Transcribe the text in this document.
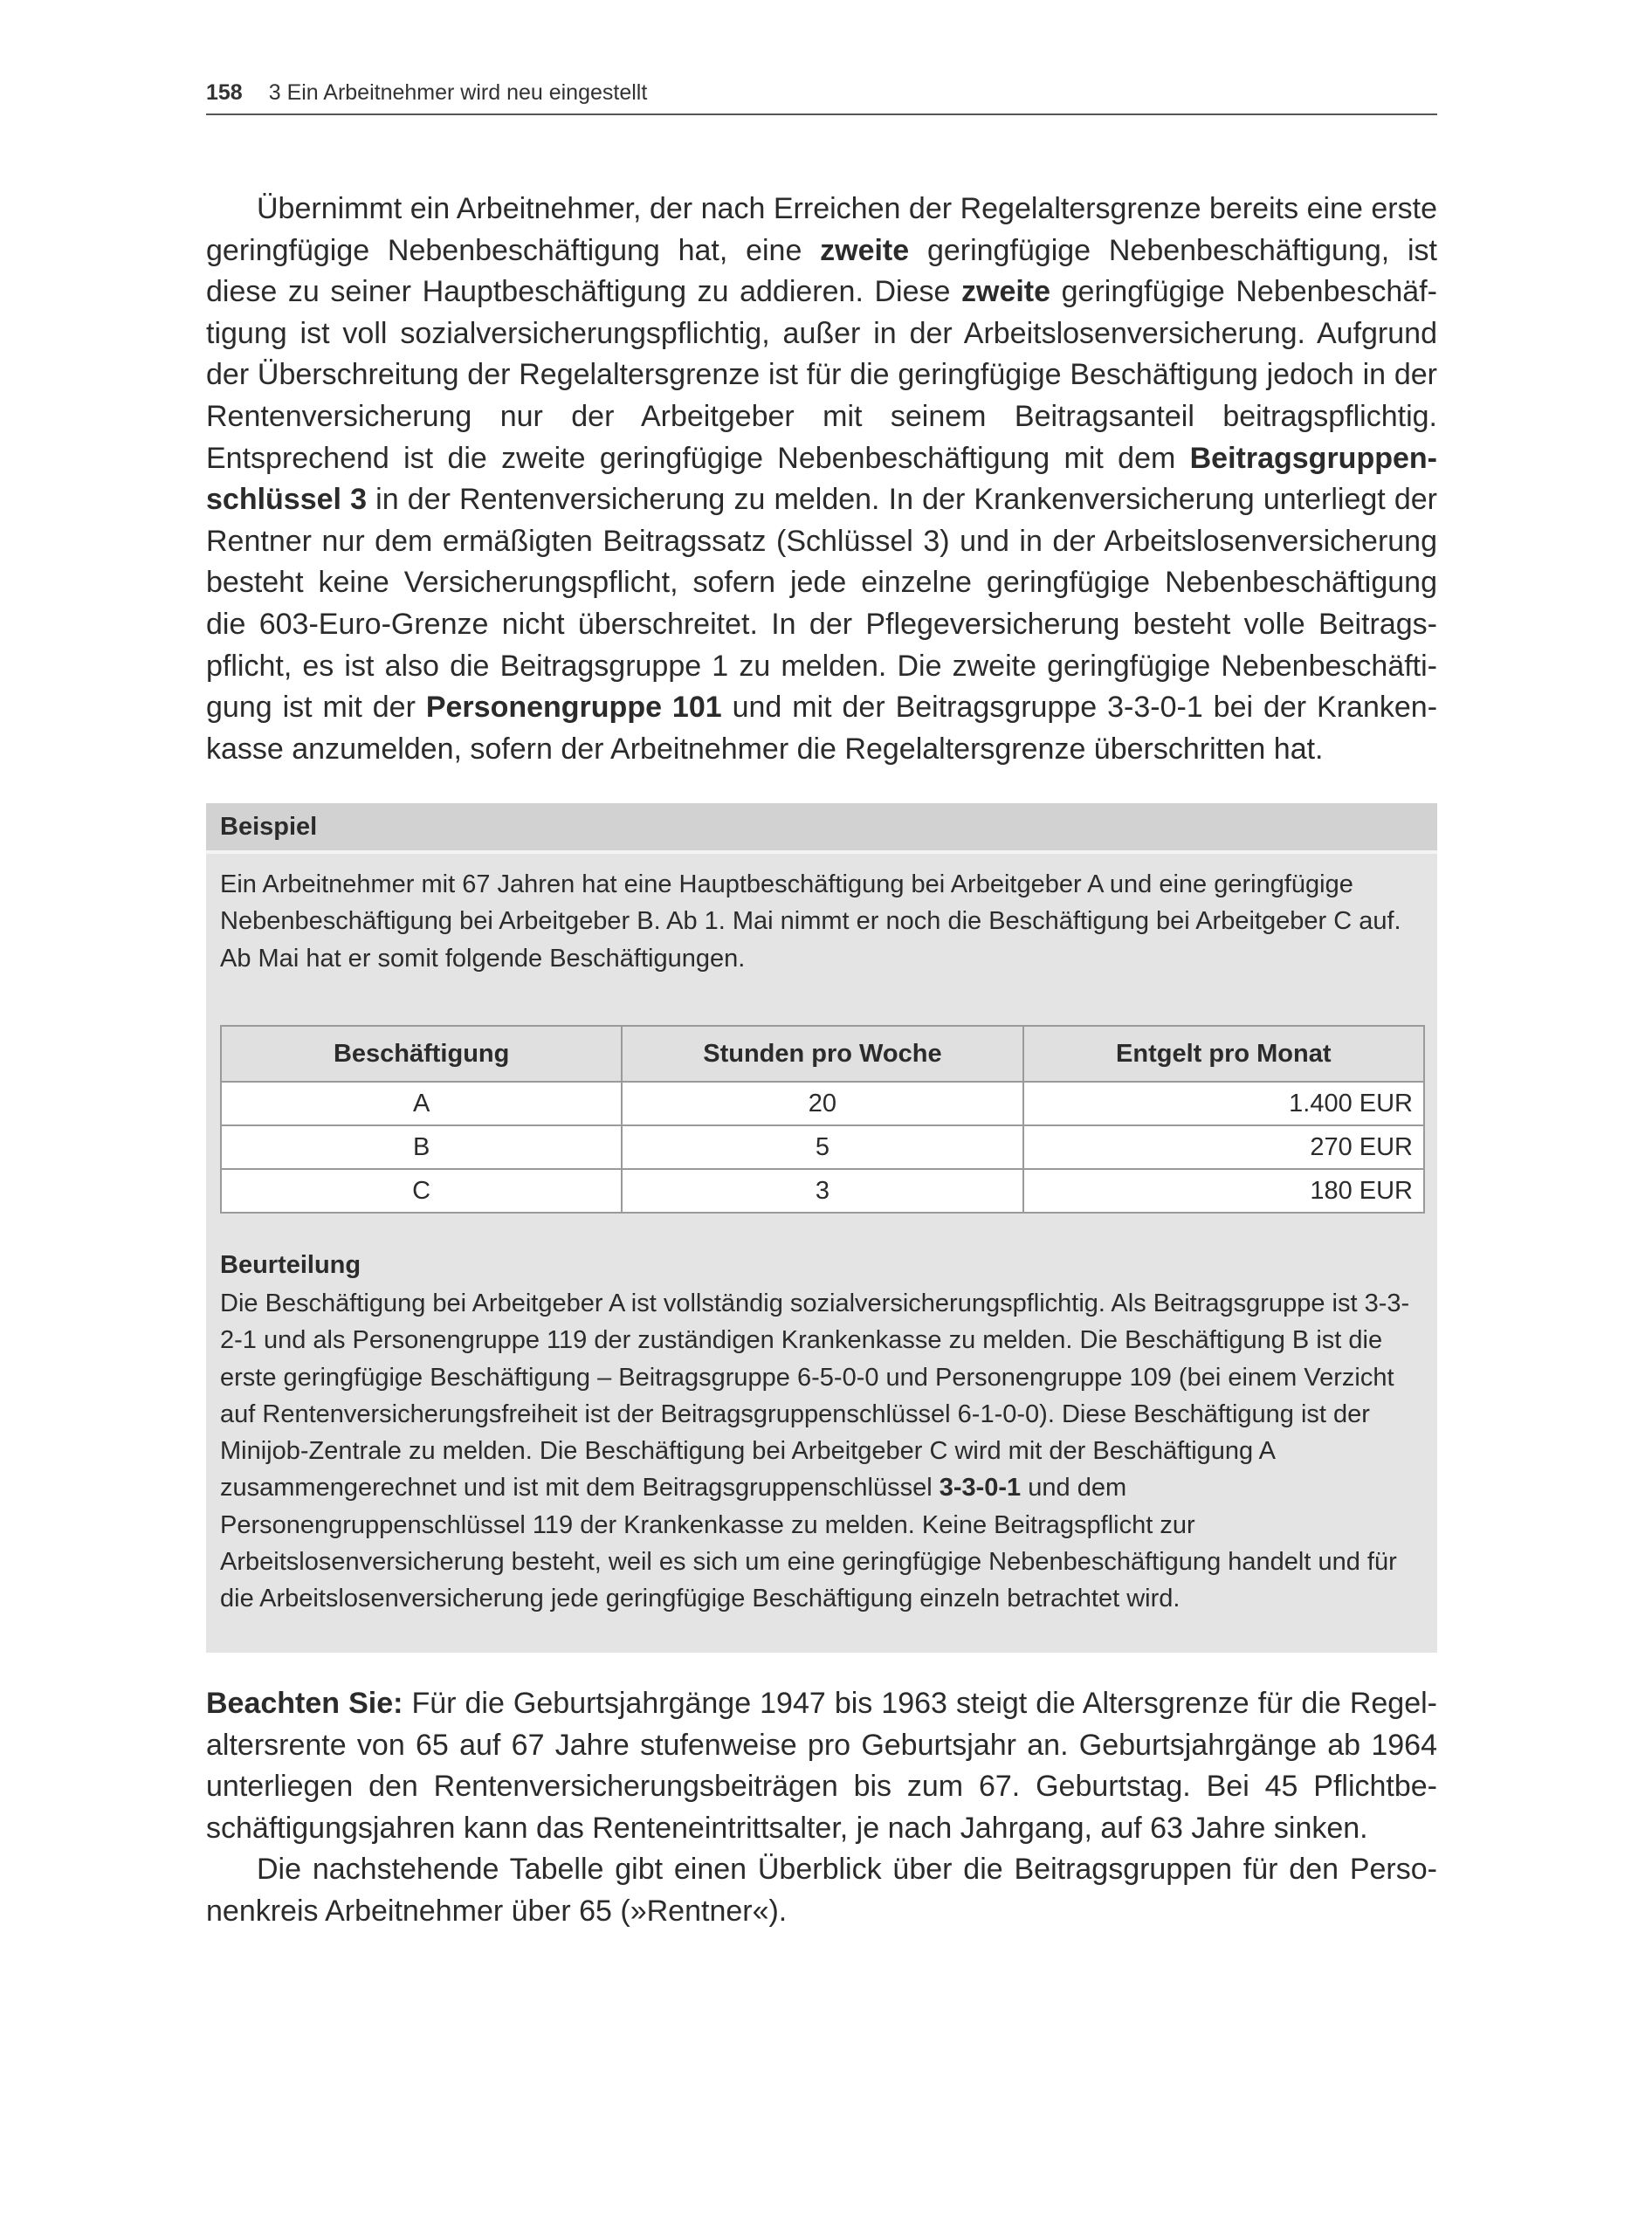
158 3 Ein Arbeitnehmer wird neu eingestellt

Übernimmt ein Arbeitnehmer, der nach Erreichen der Regelaltersgrenze bereits eine erste geringfügige Nebenbeschäftigung hat, eine zweite geringfügige Nebenbeschäftigung, ist diese zu seiner Hauptbeschäftigung zu addieren. Diese zweite geringfügige Nebenbeschäftigung ist voll sozialversicherungspflichtig, außer in der Arbeitslosenversicherung. Aufgrund der Überschreitung der Regelaltersgrenze ist für die geringfügige Beschäftigung jedoch in der Rentenversicherung nur der Arbeitgeber mit seinem Beitragsanteil beitragspflichtig. Entsprechend ist die zweite geringfügige Nebenbeschäftigung mit dem Beitragsgruppenschlüssel 3 in der Rentenversicherung zu melden. In der Krankenversicherung unterliegt der Rentner nur dem ermäßigten Beitragssatz (Schlüssel 3) und in der Arbeitslosenversicherung besteht keine Versicherungspflicht, sofern jede einzelne geringfügige Nebenbeschäftigung die 603-Euro-Grenze nicht überschreitet. In der Pflegeversicherung besteht volle Beitragspflicht, es ist also die Beitragsgruppe 1 zu melden. Die zweite geringfügige Nebenbeschäftigung ist mit der Personengruppe 101 und mit der Beitragsgruppe 3-3-0-1 bei der Krankenkasse anzumelden, sofern der Arbeitnehmer die Regelaltersgrenze überschritten hat.

Beispiel
Ein Arbeitnehmer mit 67 Jahren hat eine Hauptbeschäftigung bei Arbeitgeber A und eine geringfügige Nebenbeschäftigung bei Arbeitgeber B. Ab 1. Mai nimmt er noch die Beschäftigung bei Arbeitgeber C auf. Ab Mai hat er somit folgende Beschäftigungen.
Beschäftigung	Stunden pro Woche	Entgelt pro Monat
A	20	1.400 EUR
B	5	270 EUR
C	3	180 EUR
Beurteilung
Die Beschäftigung bei Arbeitgeber A ist vollständig sozialversicherungspflichtig. Als Beitragsgruppe ist 3-3-2-1 und als Personengruppe 119 der zuständigen Krankenkasse zu melden. Die Beschäftigung B ist die erste geringfügige Beschäftigung – Beitragsgruppe 6-5-0-0 und Personengruppe 109 (bei einem Verzicht auf Rentenversicherungsfreiheit ist der Beitragsgruppenschlüssel 6-1-0-0). Diese Beschäftigung ist der Minijob-Zentrale zu melden. Die Beschäftigung bei Arbeitgeber C wird mit der Beschäftigung A zusammengerechnet und ist mit dem Beitragsgruppenschlüssel 3-3-0-1 und dem Personengruppenschlüssel 119 der Krankenkasse zu melden. Keine Beitragspflicht zur Arbeitslosenversicherung besteht, weil es sich um eine geringfügige Nebenbeschäftigung handelt und für die Arbeitslosenversicherung jede geringfügige Beschäftigung einzeln betrachtet wird.

Beachten Sie: Für die Geburtsjahrgänge 1947 bis 1963 steigt die Altersgrenze für die Regelaltersrente von 65 auf 67 Jahre stufenweise pro Geburtsjahr an. Geburtsjahrgänge ab 1964 unterliegen den Rentenversicherungsbeiträgen bis zum 67. Geburtstag. Bei 45 Pflichtbeschäftigungsjahren kann das Renteneintrittsalter, je nach Jahrgang, auf 63 Jahre sinken.

Die nachstehende Tabelle gibt einen Überblick über die Beitragsgruppen für den Personenkreis Arbeitnehmer über 65 (»Rentner«).
